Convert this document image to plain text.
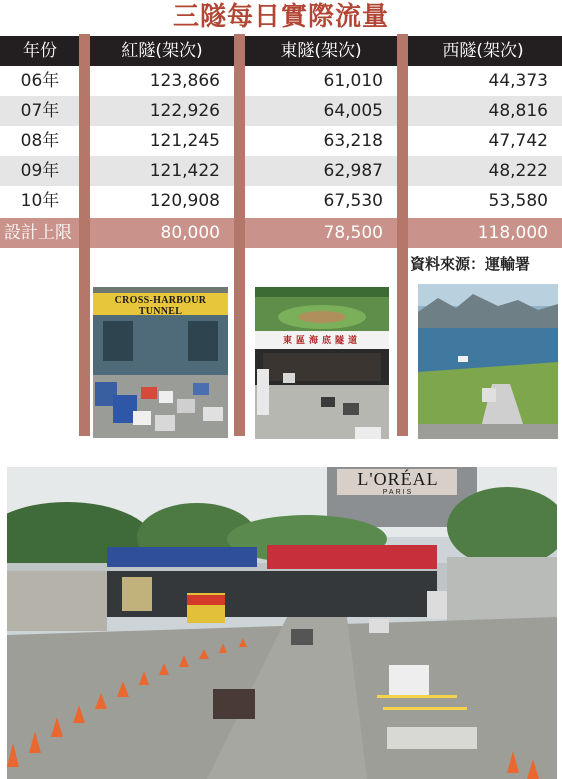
三隧每日實際流量
年份	紅隧(架次)	東隧(架次)	西隧(架次)
06年	123,866	61,010	44,373
07年	122,926	64,005	48,816
08年	121,245	63,218	47,742
09年	121,422	62,987	48,222
10年	120,908	67,530	53,580
設計上限	80,000	78,500	118,000
資料來源：運輸署
CROSS-HARBOUR TUNNEL
東區海底隧道
L'ORÉAL
PARIS
